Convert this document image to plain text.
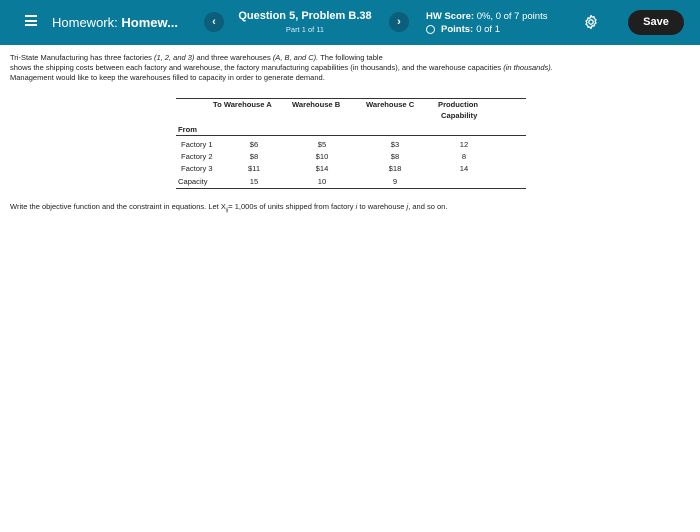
Homework: Homew...	‹	Question 5, Problem B.38
Part 1 of 11
›	HW Score: 0%, 0 of 7 points
Points: 0 of 1
Save
Tri-State Manufacturing has three factories (1, 2, and 3) and three warehouses (A, B, and C). The following table
shows the shipping costs between each factory and warehouse, the factory manufacturing capabilities (in thousands), and the warehouse capacities (in thousands).
Management would like to keep the warehouses filled to capacity in order to generate demand.
To Warehouse A	Warehouse B	Warehouse C	Production
Capability
From
Factory 1	$6	$5	$3	12
Factory 2	$8	$10	$8	8
Factory 3	$11	$14	$18	14
Capacity	15	10	9
Write the objective function and the constraint in equations. Let $X_{ij}= 1,000s$ of units shipped from factory i to warehouse j, and so on.
